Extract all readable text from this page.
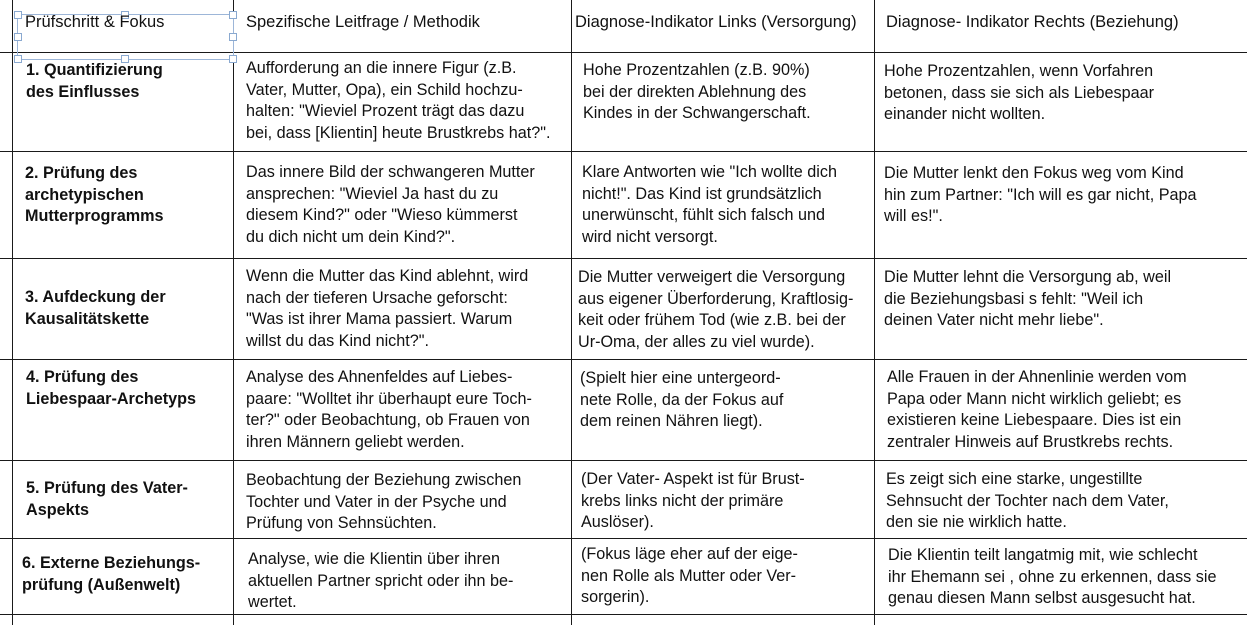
Prüfschritt & Fokus	Spezifische Leitfrage / Methodik	Diagnose-Indikator Links (Versorgung) Diagnose- Indikator Rechts (Beziehung)
1. Quantifizierung
des Einflusses
Aufforderung an die innere Figur (z.B.
Vater, Mutter, Opa), ein Schild hochzu-
halten: "Wieviel Prozent trägt das dazu
bei, dass [Klientin] heute Brustkrebs hat?".
Hohe Prozentzahlen (z.B. 90%)
bei der direkten Ablehnung des
Kindes in der Schwangerschaft.
Hohe Prozentzahlen, wenn Vorfahren
betonen, dass sie sich als Liebespaar
einander nicht wollten.
2. Prüfung des
archetypischen
Mutterprogramms
Das innere Bild der schwangeren Mutter
ansprechen: "Wieviel Ja hast du zu
diesem Kind?" oder "Wieso kümmerst
du dich nicht um dein Kind?".
Klare Antworten wie "Ich wollte dich
nicht!". Das Kind ist grundsätzlich
unerwünscht, fühlt sich falsch und
wird nicht versorgt.
Die Mutter lenkt den Fokus weg vom Kind
hin zum Partner: "Ich will es gar nicht, Papa
will es!".
3. Aufdeckung der
Kausalitätskette
Wenn die Mutter das Kind ablehnt, wird
nach der tieferen Ursache geforscht:
"Was ist ihrer Mama passiert. Warum
willst du das Kind nicht?".
Die Mutter verweigert die Versorgung
aus eigener Überforderung, Kraftlosig-
keit oder frühem Tod (wie z.B. bei der
Ur-Oma, der alles zu viel wurde).
Die Mutter lehnt die Versorgung ab, weil
die Beziehungsbasi s fehlt: "Weil ich
deinen Vater nicht mehr liebe".
4. Prüfung des
Liebespaar-Archetyps
Analyse des Ahnenfeldes auf Liebes-
paare: "Wolltet ihr überhaupt eure Toch-
ter?" oder Beobachtung, ob Frauen von
ihren Männern geliebt werden.
(Spielt hier eine untergeord-
nete Rolle, da der Fokus auf
dem reinen Nähren liegt).
Alle Frauen in der Ahnenlinie werden vom
Papa oder Mann nicht wirklich geliebt; es
existieren keine Liebespaare. Dies ist ein
zentraler Hinweis auf Brustkrebs rechts.
5. Prüfung des Vater-
Aspekts
Beobachtung der Beziehung zwischen
Tochter und Vater in der Psyche und
Prüfung von Sehnsüchten.
(Der Vater- Aspekt ist für Brust-
krebs links nicht der primäre
Auslöser).
Es zeigt sich eine starke, ungestillte
Sehnsucht der Tochter nach dem Vater,
den sie nie wirklich hatte.
6. Externe Beziehungs-
prüfung (Außenwelt)
Analyse, wie die Klientin über ihren
aktuellen Partner spricht oder ihn be-
wertet.
(Fokus läge eher auf der eige-
nen Rolle als Mutter oder Ver-
sorgerin).
Die Klientin teilt langatmig mit, wie schlecht
ihr Ehemann sei , ohne zu erkennen, dass sie
genau diesen Mann selbst ausgesucht hat.
